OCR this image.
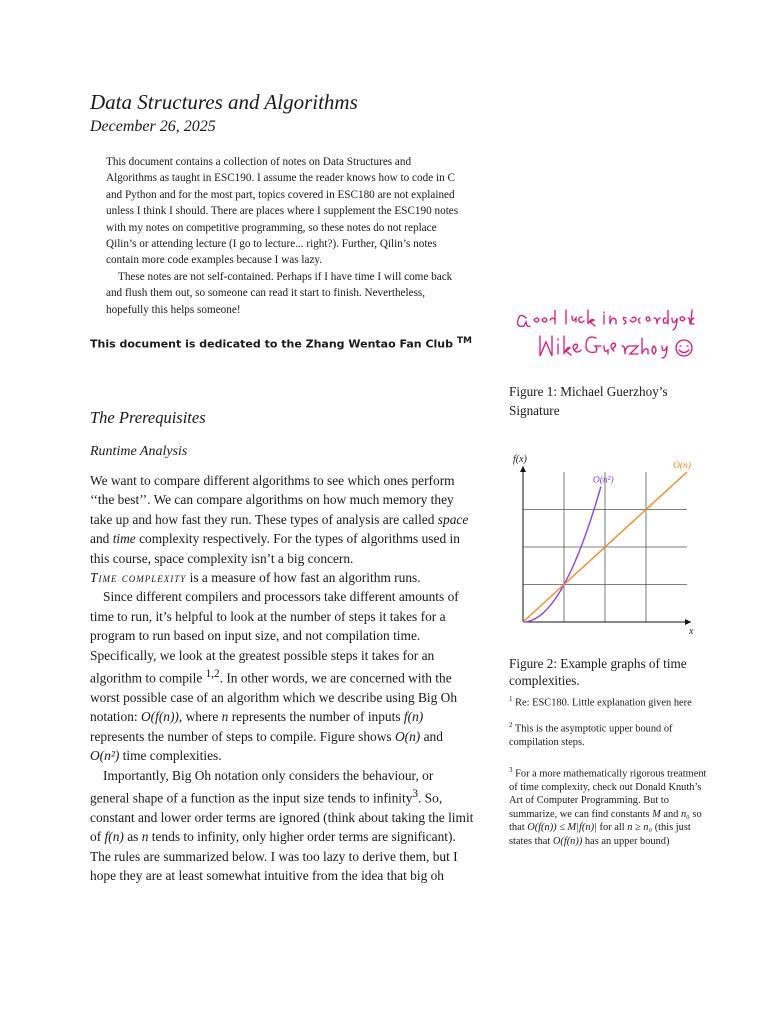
Data Structures and Algorithms
December 26, 2025

This document contains a collection of notes on Data Structures and Algorithms as taught in ESC190. I assume the reader knows how to code in C and Python and for the most part, topics covered in ESC180 are not explained unless I think I should. There are places where I supplement the ESC190 notes with my notes on competitive programming, so these notes do not replace Qilin’s or attending lecture (I go to lecture... right?). Further, Qilin’s notes contain more code examples because I was lazy.

These notes are not self-contained. Perhaps if I have time I will come back and flush them out, so someone can read it start to finish. Nevertheless, hopefully this helps someone!

This document is dedicated to the Zhang Wentao Fan Club ™
Figure 1: Michael Guerzhoy’s Signature
The Prerequisites
Runtime Analysis

We want to compare different algorithms to see which ones perform ‘‘the best’’. We can compare algorithms on how much memory they take up and how fast they run. These types of analysis are called space and time complexity respectively. For the types of algorithms used in this course, space complexity isn’t a big concern.

Time complexity is a measure of how fast an algorithm runs.

Since different compilers and processors take different amounts of time to run, it’s helpful to look at the number of steps it takes for a program to run based on input size, and not compilation time. Specifically, we look at the greatest possible steps it takes for an algorithm to compile $^{1,2}$. In other words, we are concerned with the worst possible case of an algorithm which we describe using Big Oh notation: O(f(n)), where n represents the number of inputs f(n) represents the number of steps to compile. Figure shows O(n) and O(n²) time complexities.

Importantly, Big Oh notation only considers the behaviour, or general shape of a function as the input size tends to infinity$^3$. So, constant and lower order terms are ignored (think about taking the limit of f(n) as n tends to infinity, only higher order terms are significant). The rules are summarized below. I was too lazy to derive them, but I hope they are at least somewhat intuitive from the idea that big oh

O(n²)
O(n)
x
f(x)
Figure 2: Example graphs of time complexities.
$^1$ Re: ESC180. Little explanation given here
$^2$ This is the asymptotic upper bound of compilation steps.
$^3$ For a more mathematically rigorous treatment of time complexity, check out Donald Knuth’s Art of Computer Programming. But to summarize, we can find constants M and n₀ so that O(f(n)) ≤ M|f(n)| for all n ≥ n₀ (this just states that O(f(n)) has an upper bound)
